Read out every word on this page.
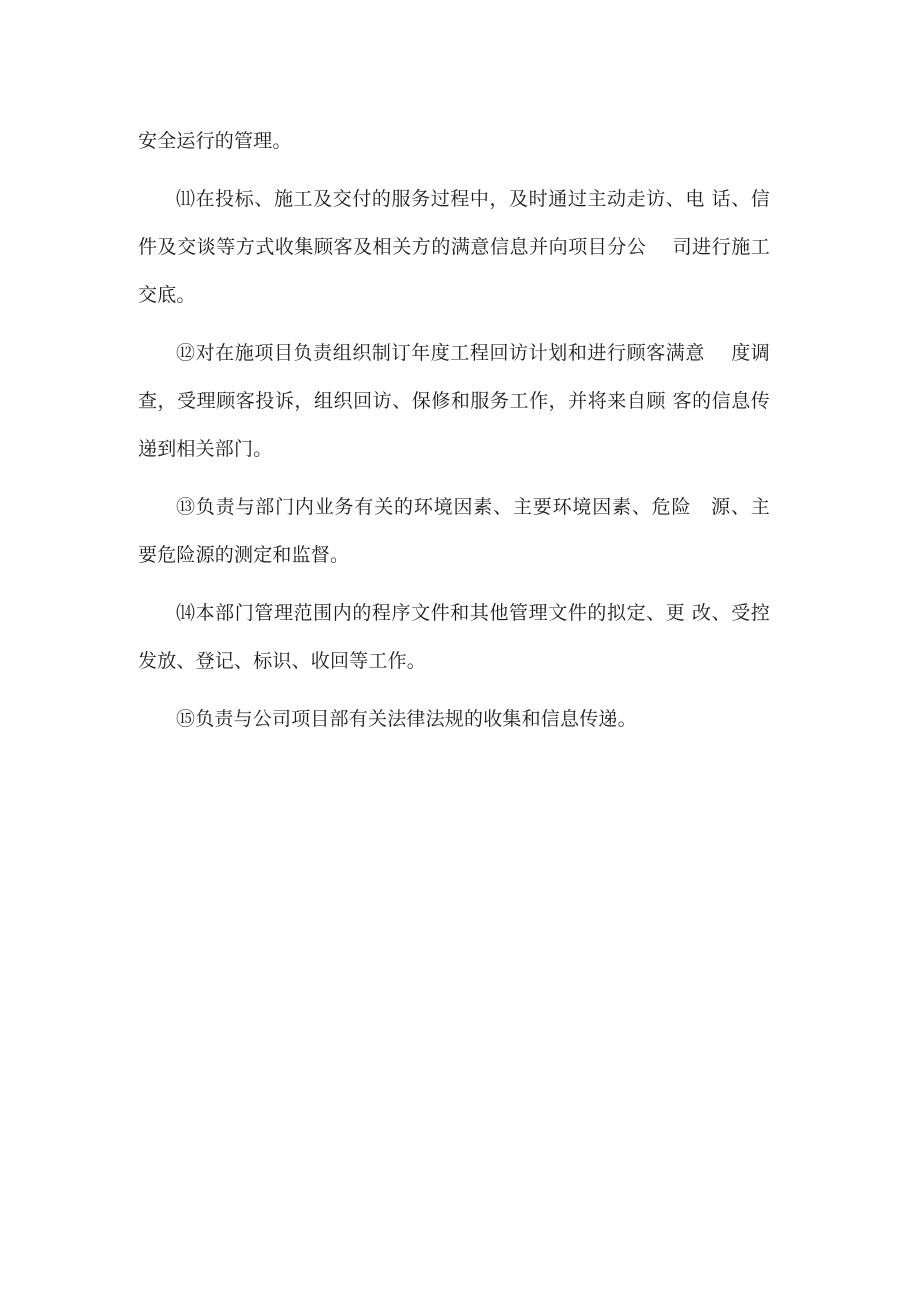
安全运行的管理。

⑾在投标、施工及交付的服务过程中，及时通过主动走访、电 话、信件及交谈等方式收集顾客及相关方的满意信息并向项目分公　 司进行施工交底。

⑫对在施项目负责组织制订年度工程回访计划和进行顾客满意　 度调查，受理顾客投诉，组织回访、保修和服务工作，并将来自顾 客的信息传递到相关部门。

⑬负责与部门内业务有关的环境因素、主要环境因素、危险　源、主要危险源的测定和监督。

⒁本部门管理范围内的程序文件和其他管理文件的拟定、更 改、受控发放、登记、标识、收回等工作。

⑮负责与公司项目部有关法律法规的收集和信息传递。
